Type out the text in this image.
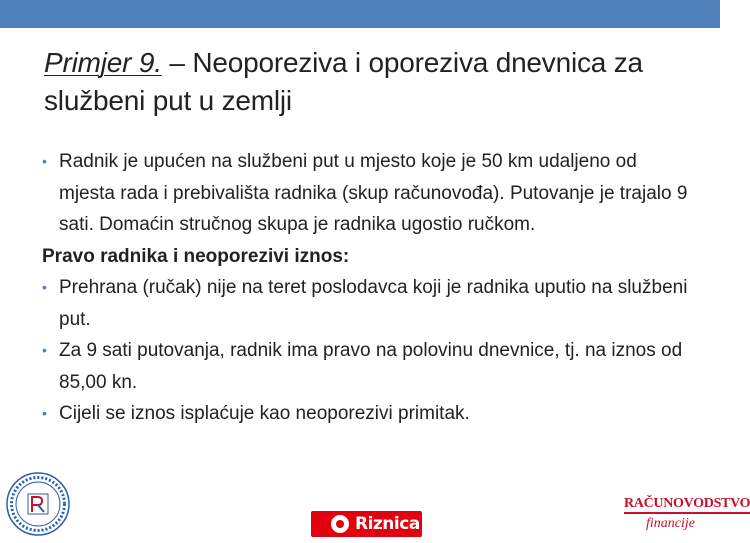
Primjer 9. – Neoporeziva i oporeziva dnevnica za službeni put u zemlji
• Radnik je upućen na službeni put u mjesto koje je 50 km udaljeno od mjesta rada i prebivališta radnika (skup računovođa). Putovanje je trajalo 9 sati. Domaćin stručnog skupa je radnika ugostio ručkom.
Pravo radnika i neoporezivi iznos:
• Prehrana (ručak) nije na teret poslodavca koji je radnika uputio na službeni put.
• Za 9 sati putovanja, radnik ima pravo na polovinu dnevnice, tj. na iznos od 85,00 kn.
• Cijeli se iznos isplaćuje kao neoporezivi primitak.
Riznica
RAČUNOVODSTVO
financije
